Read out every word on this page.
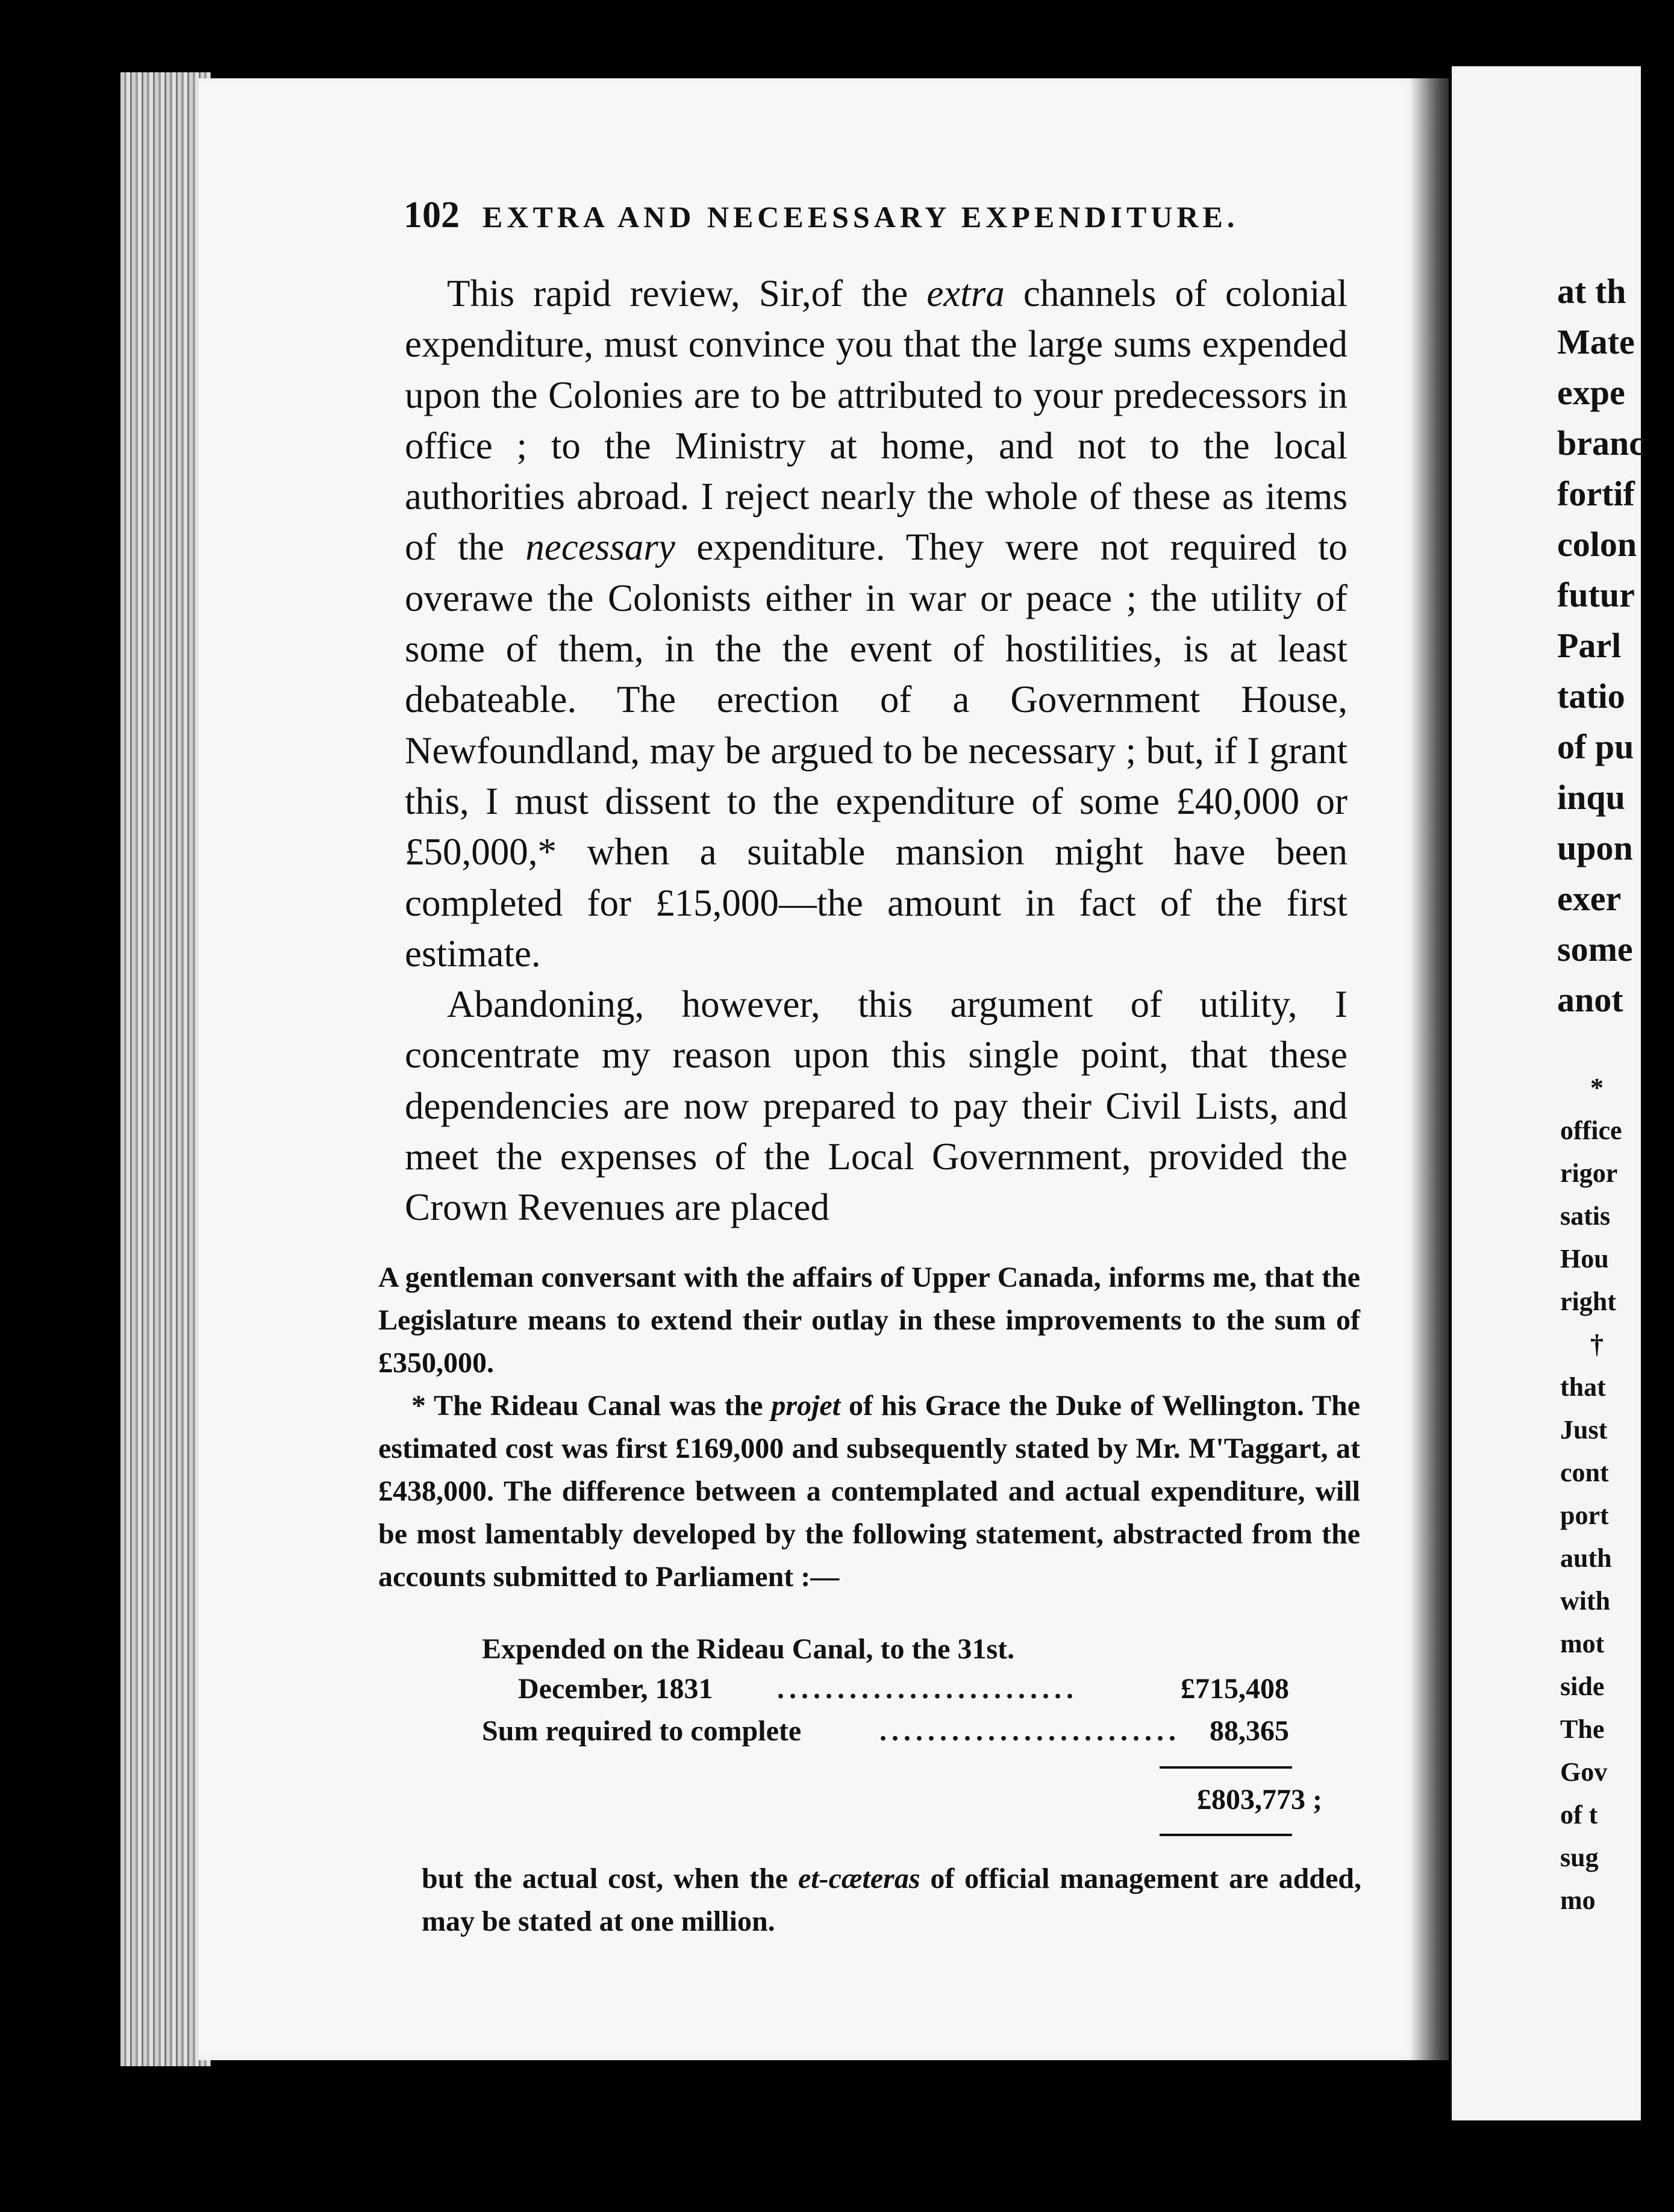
at th
Mate
expe
branc
fortif
colon
futur
Parl
tatio
of pu
inqu
upon
exer
some
anot
*
office
rigor
satis
Hou
right
†
that
Just
cont
port
auth
with
mot
side
The
Gov
of t
sug
mo
102 EXTRA AND NECEESSARY EXPENDITURE.

This rapid review, Sir,of the extra channels of colonial expenditure, must convince you that the large sums expended upon the Colonies are to be attributed to your predecessors in office ; to the Ministry at home, and not to the local authorities abroad. I reject nearly the whole of these as items of the necessary expenditure. They were not required to overawe the Colonists either in war or peace ; the utility of some of them, in the the event of hostilities, is at least debateable. The erection of a Government House, Newfoundland, may be argued to be necessary ; but, if I grant this, I must dissent to the expenditure of some £40,000 or £50,000,* when a suitable mansion might have been completed for £15,000—the amount in fact of the first estimate.

Abandoning, however, this argument of utility, I concentrate my reason upon this single point, that these dependencies are now prepared to pay their Civil Lists, and meet the expenses of the Local Government, provided the Crown Revenues are placed

A gentleman conversant with the affairs of Upper Canada, informs me, that the Legislature means to extend their outlay in these improvements to the sum of £350,000.

* The Rideau Canal was the projet of his Grace the Duke of Wellington. The estimated cost was first £169,000 and subsequently stated by Mr. M'Taggart, at £438,000. The difference between a contemplated and actual expenditure, will be most lamentably developed by the following statement, abstracted from the accounts submitted to Parliament :—

Expended on the Rideau Canal, to the 31st.
December, 1831 .........................	£715,408
Sum required to complete	......................... 88,365
£803,773 ;

but the actual cost, when the et-cæteras of official management are added, may be stated at one million.
